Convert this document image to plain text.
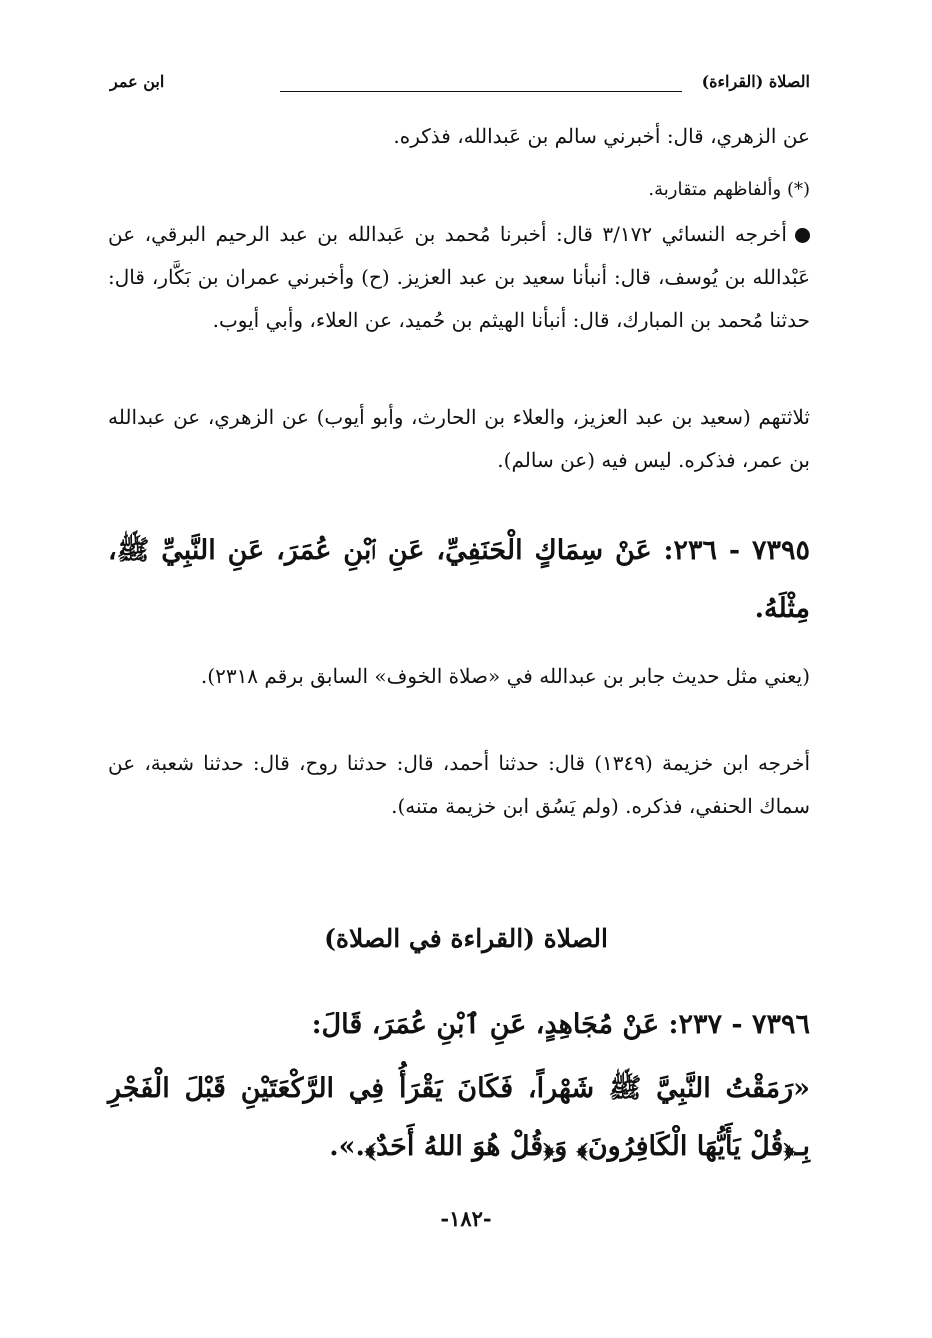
الصلاة (القراءة)
ابن عمر
عن الزهري، قال: أخبرني سالم بن عَبدالله، فذكره.
(*) وألفاظهم متقاربة.
أخرجه النسائي ٣/١٧٢ قال: أخبرنا مُحمد بن عَبدالله بن عبد الرحيم البرقي، عن عَبْدالله بن يُوسف، قال: أنبأنا سعيد بن عبد العزيز. (ح) وأخبرني عمران بن بَكَّار، قال: حدثنا مُحمد بن المبارك، قال: أنبأنا الهيثم بن حُميد، عن العلاء، وأبي أيوب.
ثلاثتهم (سعيد بن عبد العزيز، والعلاء بن الحارث، وأبو أيوب) عن الزهري، عن عبدالله بن عمر، فذكره. ليس فيه (عن سالم).
٧٣٩٥ - ٢٣٦: عَنْ سِمَاكٍ الْحَنَفِيِّ، عَنِ ٱبْنِ عُمَرَ، عَنِ النَّبِيِّ ﷺ، مِثْلَهُ.
(يعني مثل حديث جابر بن عبدالله في «صلاة الخوف» السابق برقم ٢٣١٨).
أخرجه ابن خزيمة (١٣٤٩) قال: حدثنا أحمد، قال: حدثنا روح، قال: حدثنا شعبة، عن سماك الحنفي، فذكره. (ولم يَسُق ابن خزيمة متنه).
الصلاة (القراءة في الصلاة)
٧٣٩٦ - ٢٣٧: عَنْ مُجَاهِدٍ، عَنِ ٱبْنِ عُمَرَ، قَالَ:
«رَمَقْتُ النَّبِيَّ ﷺ شَهْراً، فَكَانَ يَقْرَأُ فِي الرَّكْعَتَيْنِ قَبْلَ الْفَجْرِ بِـ﴿قُلْ يَأَيُّهَا الْكَافِرُونَ﴾ وَ﴿قُلْ هُوَ اللهُ أَحَدٌ﴾.».
-١٨٢-
